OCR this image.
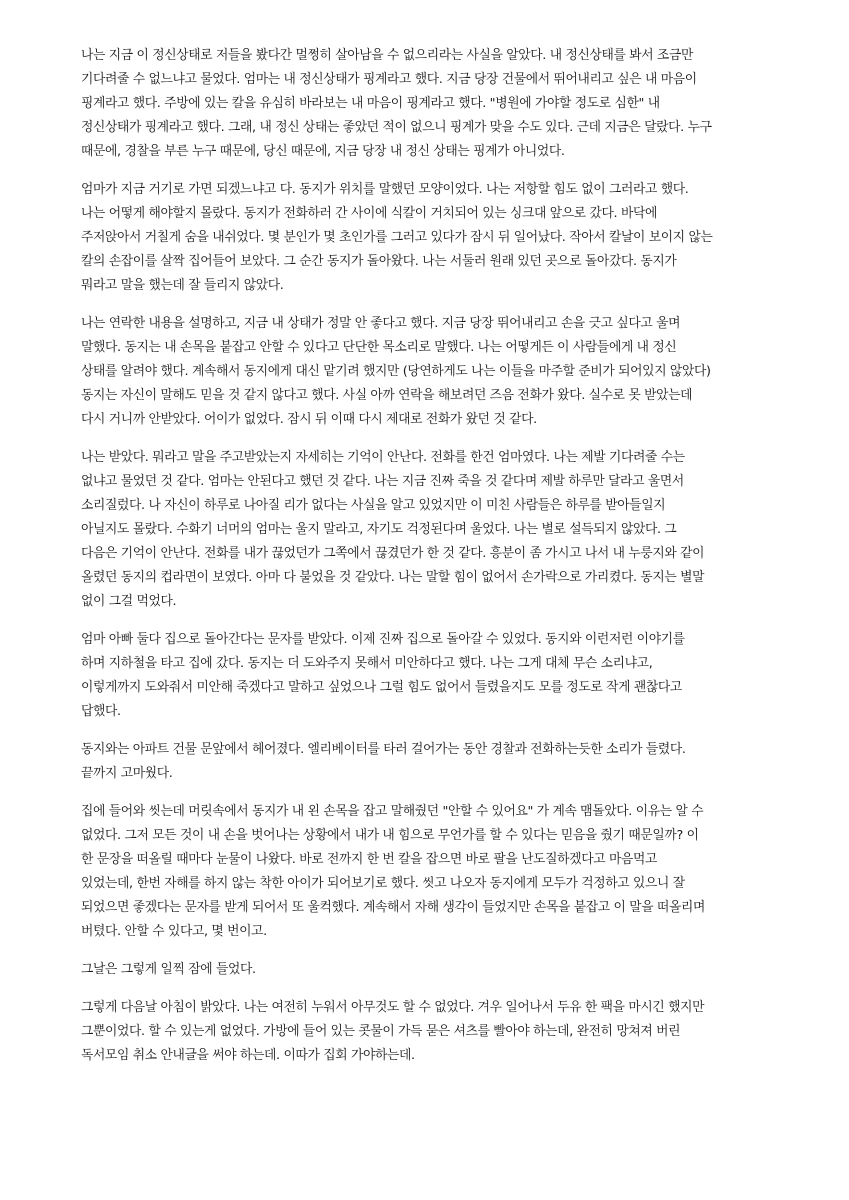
나는 지금 이 정신상태로 저들을 봤다간 멀쩡히 살아남을 수 없으리라는 사실을 알았다. 내 정신상태를 봐서 조금만
기다려줄 수 없느냐고 물었다. 엄마는 내 정신상태가 핑계라고 했다. 지금 당장 건물에서 뛰어내리고 싶은 내 마음이
핑계라고 했다. 주방에 있는 칼을 유심히 바라보는 내 마음이 핑계라고 했다. "병원에 가야할 정도로 심한" 내
정신상태가 핑계라고 했다. 그래, 내 정신 상태는 좋았던 적이 없으니 핑계가 맞을 수도 있다. 근데 지금은 달랐다. 누구
때문에, 경찰을 부른 누구 때문에, 당신 때문에, 지금 당장 내 정신 상태는 핑계가 아니었다.

엄마가 지금 거기로 가면 되겠느냐고 다. 동지가 위치를 말했던 모양이었다. 나는 저항할 힘도 없이 그러라고 했다.
나는 어떻게 해야할지 몰랐다. 동지가 전화하러 간 사이에 식칼이 거치되어 있는 싱크대 앞으로 갔다. 바닥에
주저앉아서 거칠게 숨을 내쉬었다. 몇 분인가 몇 초인가를 그러고 있다가 잠시 뒤 일어났다. 작아서 칼날이 보이지 않는
칼의 손잡이를 살짝 집어들어 보았다. 그 순간 동지가 돌아왔다. 나는 서둘러 원래 있던 곳으로 돌아갔다. 동지가
뭐라고 말을 했는데 잘 들리지 않았다.

나는 연락한 내용을 설명하고, 지금 내 상태가 정말 안 좋다고 했다. 지금 당장 뛰어내리고 손을 긋고 싶다고 울며
말했다. 동지는 내 손목을 붙잡고 안할 수 있다고 단단한 목소리로 말했다. 나는 어떻게든 이 사람들에게 내 정신
상태를 알려야 했다. 계속해서 동지에게 대신 맡기려 했지만 (당연하게도 나는 이들을 마주할 준비가 되어있지 않았다)
동지는 자신이 말해도 믿을 것 같지 않다고 했다. 사실 아까 연락을 해보려던 즈음 전화가 왔다. 실수로 못 받았는데
다시 거니까 안받았다. 어이가 없었다. 잠시 뒤 이때 다시 제대로 전화가 왔던 것 같다.

나는 받았다. 뭐라고 말을 주고받았는지 자세히는 기억이 안난다. 전화를 한건 엄마였다. 나는 제발 기다려줄 수는
없냐고 물었던 것 같다. 엄마는 안된다고 했던 것 같다. 나는 지금 진짜 죽을 것 같다며 제발 하루만 달라고 울면서
소리질렀다. 나 자신이 하루로 나아질 리가 없다는 사실을 알고 있었지만 이 미친 사람들은 하루를 받아들일지
아닐지도 몰랐다. 수화기 너머의 엄마는 울지 말라고, 자기도 걱정된다며 울었다. 나는 별로 설득되지 않았다. 그
다음은 기억이 안난다. 전화를 내가 끊었던가 그쪽에서 끊겼던가 한 것 같다. 흥분이 좀 가시고 나서 내 누룽지와 같이
올렸던 동지의 컵라면이 보였다. 아마 다 불었을 것 같았다. 나는 말할 힘이 없어서 손가락으로 가리켰다. 동지는 별말
없이 그걸 먹었다.

엄마 아빠 둘다 집으로 돌아간다는 문자를 받았다. 이제 진짜 집으로 돌아갈 수 있었다. 동지와 이런저런 이야기를
하며 지하철을 타고 집에 갔다. 동지는 더 도와주지 못해서 미안하다고 했다. 나는 그게 대체 무슨 소리냐고,
이렇게까지 도와줘서 미안해 죽겠다고 말하고 싶었으나 그럴 힘도 없어서 들렸을지도 모를 정도로 작게 괜찮다고
답했다.

동지와는 아파트 건물 문앞에서 헤어졌다. 엘리베이터를 타러 걸어가는 동안 경찰과 전화하는듯한 소리가 들렸다.
끝까지 고마웠다.

집에 들어와 씻는데 머릿속에서 동지가 내 왼 손목을 잡고 말해줬던 "안할 수 있어요" 가 계속 맴돌았다. 이유는 알 수
없었다. 그저 모든 것이 내 손을 벗어나는 상황에서 내가 내 힘으로 무언가를 할 수 있다는 믿음을 줬기 때문일까? 이
한 문장을 떠올릴 때마다 눈물이 나왔다. 바로 전까지 한 번 칼을 잡으면 바로 팔을 난도질하겠다고 마음먹고
있었는데, 한번 자해를 하지 않는 착한 아이가 되어보기로 했다. 씻고 나오자 동지에게 모두가 걱정하고 있으니 잘
되었으면 좋겠다는 문자를 받게 되어서 또 울컥했다. 계속해서 자해 생각이 들었지만 손목을 붙잡고 이 말을 떠올리며
버텼다. 안할 수 있다고, 몇 번이고.

그날은 그렇게 일찍 잠에 들었다.

그렇게 다음날 아침이 밝았다. 나는 여전히 누워서 아무것도 할 수 없었다. 겨우 일어나서 두유 한 팩을 마시긴 했지만
그뿐이었다. 할 수 있는게 없었다. 가방에 들어 있는 콧물이 가득 묻은 셔츠를 빨아야 하는데, 완전히 망쳐져 버린
독서모임 취소 안내글을 써야 하는데. 이따가 집회 가야하는데.
